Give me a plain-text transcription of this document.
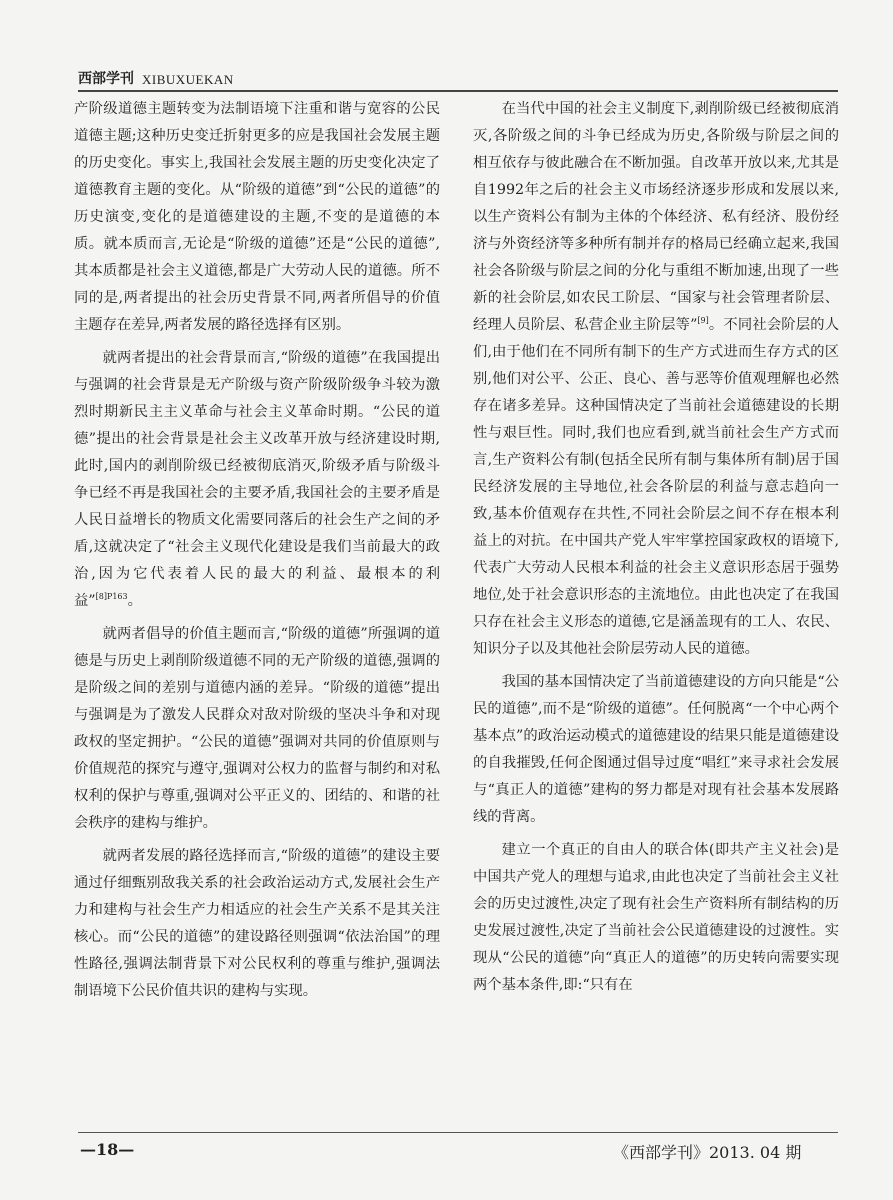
西部学刊 XIBUXUEKAN

产阶级道德主题转变为法制语境下注重和谐与宽容的公民道德主题;这种历史变迁折射更多的应是我国社会发展主题的历史变化。事实上,我国社会发展主题的历史变化决定了道德教育主题的变化。从“阶级的道德”到“公民的道德”的历史演变,变化的是道德建设的主题,不变的是道德的本质。就本质而言,无论是“阶级的道德”还是“公民的道德”,其本质都是社会主义道德,都是广大劳动人民的道德。所不同的是,两者提出的社会历史背景不同,两者所倡导的价值主题存在差异,两者发展的路径选择有区别。

就两者提出的社会背景而言,“阶级的道德”在我国提出与强调的社会背景是无产阶级与资产阶级阶级争斗较为激烈时期新民主主义革命与社会主义革命时期。“公民的道德”提出的社会背景是社会主义改革开放与经济建设时期,此时,国内的剥削阶级已经被彻底消灭,阶级矛盾与阶级斗争已经不再是我国社会的主要矛盾,我国社会的主要矛盾是人民日益增长的物质文化需要同落后的社会生产之间的矛盾,这就决定了“社会主义现代化建设是我们当前最大的政治,因为它代表着人民的最大的利益、最根本的利益”$^{[8]P163}$。

就两者倡导的价值主题而言,“阶级的道德”所强调的道德是与历史上剥削阶级道德不同的无产阶级的道德,强调的是阶级之间的差别与道德内涵的差异。“阶级的道德”提出与强调是为了激发人民群众对敌对阶级的坚决斗争和对现政权的坚定拥护。“公民的道德”强调对共同的价值原则与价值规范的探究与遵守,强调对公权力的监督与制约和对私权利的保护与尊重,强调对公平正义的、团结的、和谐的社会秩序的建构与维护。

就两者发展的路径选择而言,“阶级的道德”的建设主要通过仔细甄别敌我关系的社会政治运动方式,发展社会生产力和建构与社会生产力相适应的社会生产关系不是其关注核心。而“公民的道德”的建设路径则强调“依法治国”的理性路径,强调法制背景下对公民权利的尊重与维护,强调法制语境下公民价值共识的建构与实现。

在当代中国的社会主义制度下,剥削阶级已经被彻底消灭,各阶级之间的斗争已经成为历史,各阶级与阶层之间的相互依存与彼此融合在不断加强。自改革开放以来,尤其是自1992年之后的社会主义市场经济逐步形成和发展以来,以生产资料公有制为主体的个体经济、私有经济、股份经济与外资经济等多种所有制并存的格局已经确立起来,我国社会各阶级与阶层之间的分化与重组不断加速,出现了一些新的社会阶层,如农民工阶层、“国家与社会管理者阶层、经理人员阶层、私营企业主阶层等”[9]。不同社会阶层的人们,由于他们在不同所有制下的生产方式进而生存方式的区别,他们对公平、公正、良心、善与恶等价值观理解也必然存在诸多差异。这种国情决定了当前社会道德建设的长期性与艰巨性。同时,我们也应看到,就当前社会生产方式而言,生产资料公有制(包括全民所有制与集体所有制)居于国民经济发展的主导地位,社会各阶层的利益与意志趋向一致,基本价值观存在共性,不同社会阶层之间不存在根本利益上的对抗。在中国共产党人牢牢掌控国家政权的语境下,代表广大劳动人民根本利益的社会主义意识形态居于强势地位,处于社会意识形态的主流地位。由此也决定了在我国只存在社会主义形态的道德,它是涵盖现有的工人、农民、知识分子以及其他社会阶层劳动人民的道德。

我国的基本国情决定了当前道德建设的方向只能是“公民的道德”,而不是“阶级的道德”。任何脱离“一个中心两个基本点”的政治运动模式的道德建设的结果只能是道德建设的自我摧毁,任何企图通过倡导过度“唱红”来寻求社会发展与“真正人的道德”建构的努力都是对现有社会基本发展路线的背离。

建立一个真正的自由人的联合体(即共产主义社会)是中国共产党人的理想与追求,由此也决定了当前社会主义社会的历史过渡性,决定了现有社会生产资料所有制结构的历史发展过渡性,决定了当前社会公民道德建设的过渡性。实现从“公民的道德”向“真正人的道德”的历史转向需要实现两个基本条件,即:“只有在

—18—	《西部学刊》2013. 04 期
